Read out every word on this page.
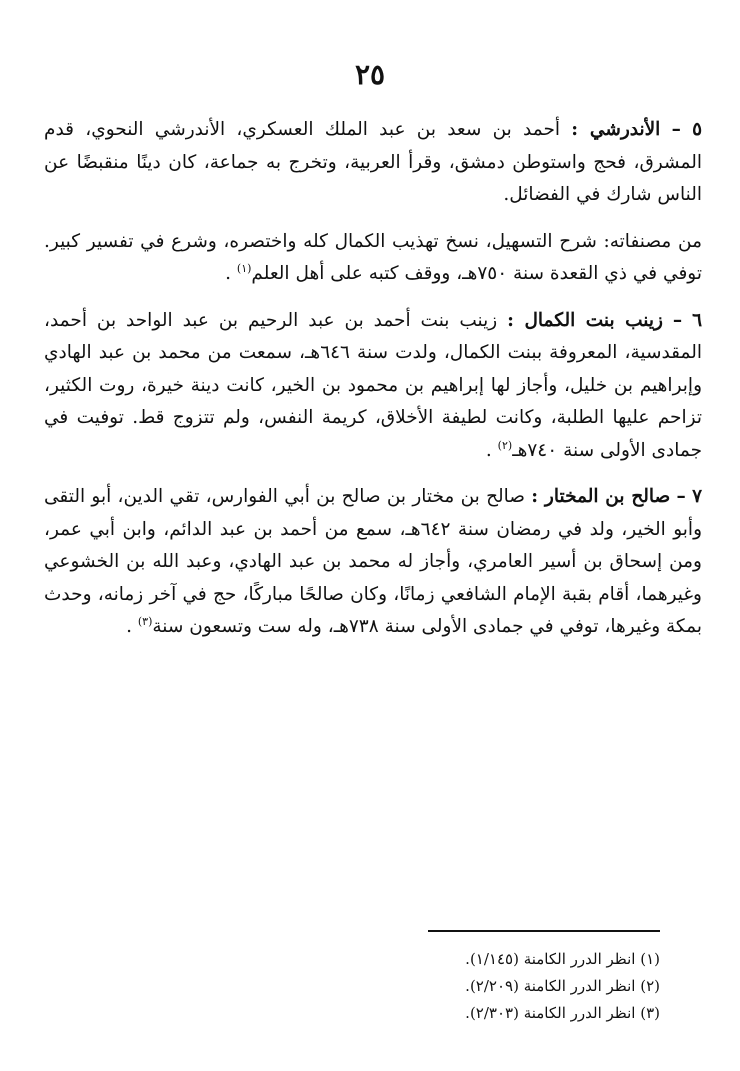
٢٥

٥ – الأندرشي : أحمد بن سعد بن عبد الملك العسكري، الأندرشي النحوي، قدم المشرق، فحج واستوطن دمشق، وقرأ العربية، وتخرج به جماعة، كان دينًا منقبضًا عن الناس شارك في الفضائل.

من مصنفاته: شرح التسهيل، نسخ تهذيب الكمال كله واختصره، وشرع في تفسير كبير. توفي في ذي القعدة سنة ٧٥٠هـ، ووقف كتبه على أهل العلم$^{(١)}$ .

٦ – زينب بنت الكمال : زينب بنت أحمد بن عبد الرحيم بن عبد الواحد بن أحمد، المقدسية، المعروفة ببنت الكمال، ولدت سنة ٦٤٦هـ، سمعت من محمد بن عبد الهادي وإبراهيم بن خليل، وأجاز لها إبراهيم بن محمود بن الخير، كانت دينة خيرة، روت الكثير، تزاحم عليها الطلبة، وكانت لطيفة الأخلاق، كريمة النفس، ولم تتزوج قط. توفيت في جمادى الأولى سنة ٧٤٠هـ$^{(٢)}$ .

٧ – صالح بن المختار : صالح بن مختار بن صالح بن أبي الفوارس، تقي الدين، أبو التقى وأبو الخير، ولد في رمضان سنة ٦٤٢هـ، سمع من أحمد بن عبد الدائم، وابن أبي عمر، ومن إسحاق بن أسير العامري، وأجاز له محمد بن عبد الهادي، وعبد الله بن الخشوعي وغيرهما، أقام بقبة الإمام الشافعي زمانًا، وكان صالحًا مباركًا، حج في آخر زمانه، وحدث بمكة وغيرها، توفي في جمادى الأولى سنة ٧٣٨هـ، وله ست وتسعون سنة$^{(٣)}$ .

(١) انظر الدرر الكامنة (١/١٤٥).
(٢) انظر الدرر الكامنة (٢/٢٠٩).
(٣) انظر الدرر الكامنة (٢/٣٠٣).
